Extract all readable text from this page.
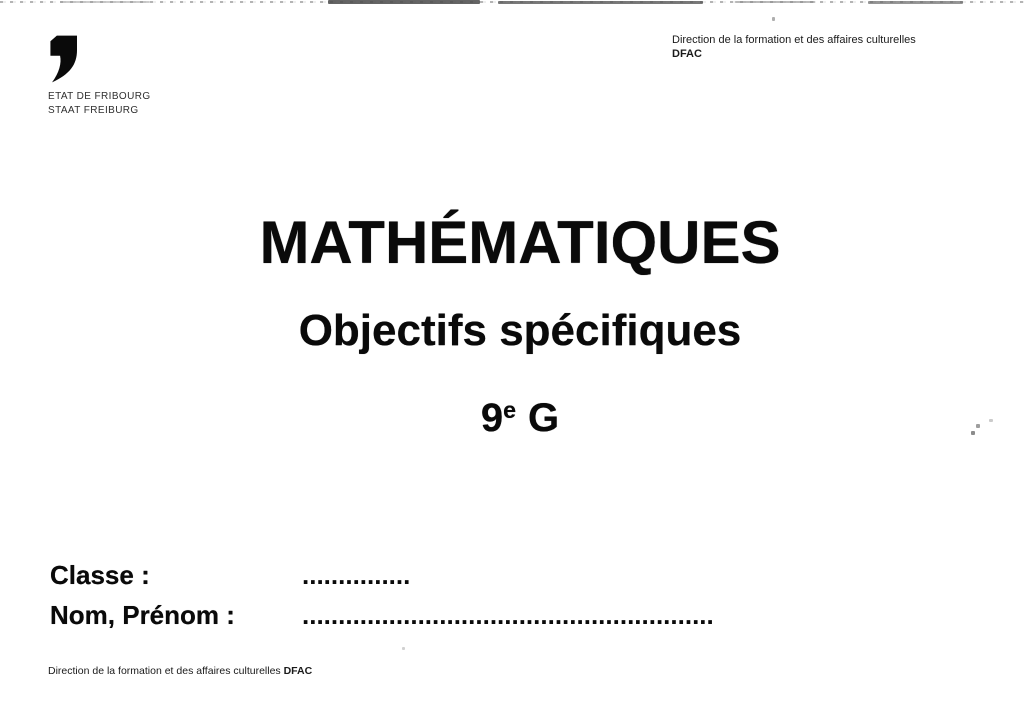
ETAT DE FRIBOURG
STAAT FREIBURG
Direction de la formation et des affaires culturelles
DFAC
MATHÉMATIQUES
Objectifs spécifiques
9e G
Classe :	...............
Nom, Prénom :	.........................................................
Direction de la formation et des affaires culturelles DFAC
